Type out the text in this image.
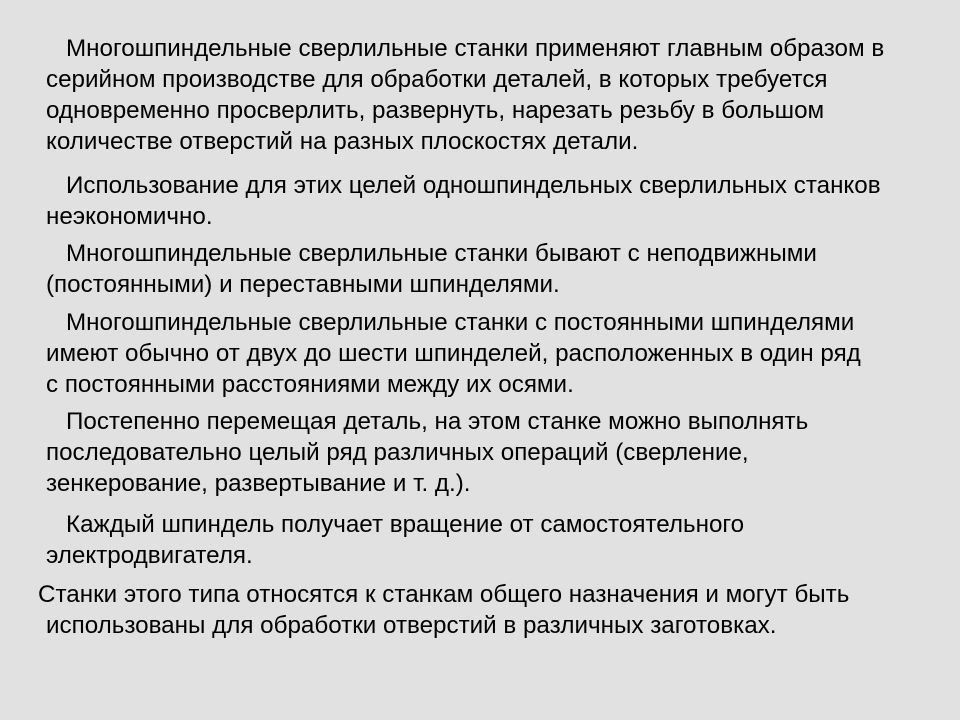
Многошпиндельные сверлильные станки применяют главным образом в
серийном производстве для обработки деталей, в которых требуется
одновременно просверлить, развернуть, нарезать резьбу в большом
количестве отверстий на разных плоскостях детали.

Использование для этих целей одношпиндельных сверлильных станков
неэкономично.

Многошпиндельные сверлильные станки бывают с неподвижными
(постоянными) и переставными шпинделями.

Многошпиндельные сверлильные станки с постоянными шпинделями
имеют обычно от двух до шести шпинделей, расположенных в один ряд
с постоянными расстояниями между их осями.

Постепенно перемещая деталь, на этом станке можно выполнять
последовательно целый ряд различных операций (сверление,
зенкерование, развертывание и т. д.).

Каждый шпиндель получает вращение от самостоятельного
электродвигателя.

Станки этого типа относятся к станкам общего назначения и могут быть
использованы для обработки отверстий в различных заготовках.
